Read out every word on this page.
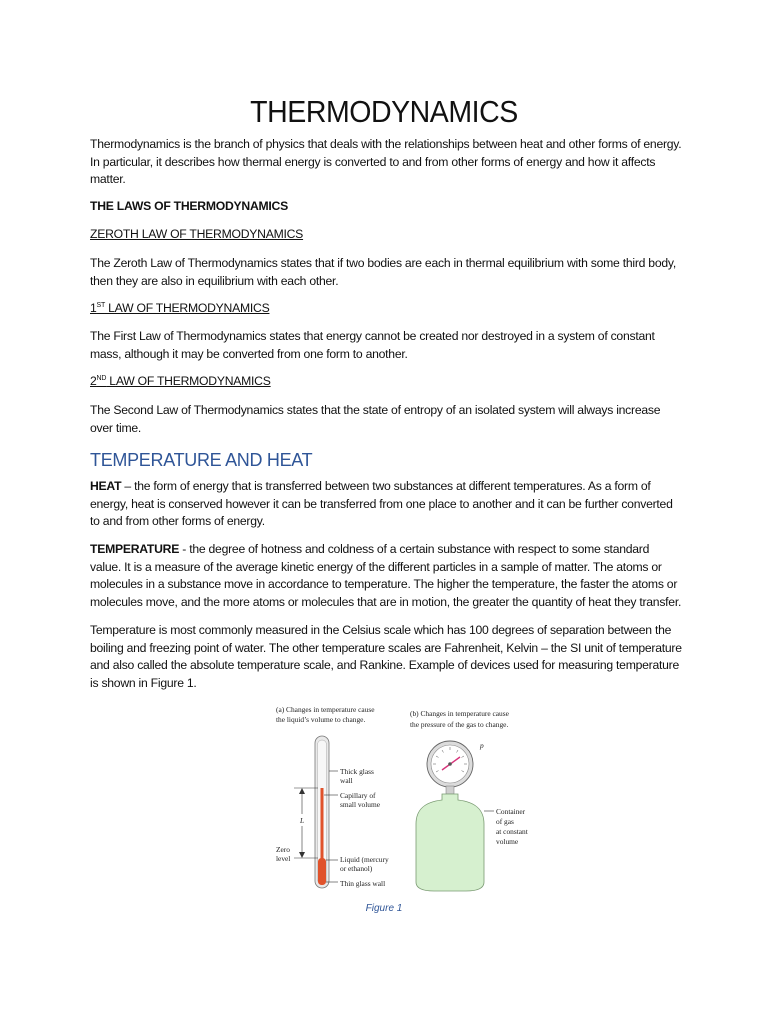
THERMODYNAMICS

Thermodynamics is the branch of physics that deals with the relationships between heat and other forms of energy. In particular, it describes how thermal energy is converted to and from other forms of energy and how it affects matter.

THE LAWS OF THERMODYNAMICS

ZEROTH LAW OF THERMODYNAMICS

The Zeroth Law of Thermodynamics states that if two bodies are each in thermal equilibrium with some third body, then they are also in equilibrium with each other.

1ST LAW OF THERMODYNAMICS

The First Law of Thermodynamics states that energy cannot be created nor destroyed in a system of constant mass, although it may be converted from one form to another.

2ND LAW OF THERMODYNAMICS

The Second Law of Thermodynamics states that the state of entropy of an isolated system will always increase over time.

TEMPERATURE AND HEAT

HEAT – the form of energy that is transferred between two substances at different temperatures. As a form of energy, heat is conserved however it can be transferred from one place to another and it can be further converted to and from other forms of energy.

TEMPERATURE - the degree of hotness and coldness of a certain substance with respect to some standard value. It is a measure of the average kinetic energy of the different particles in a sample of matter. The atoms or molecules in a substance move in accordance to temperature. The higher the temperature, the faster the atoms or molecules move, and the more atoms or molecules that are in motion, the greater the quantity of heat they transfer.

Temperature is most commonly measured in the Celsius scale which has 100 degrees of separation between the boiling and freezing point of water. The other temperature scales are Fahrenheit, Kelvin – the SI unit of temperature and also called the absolute temperature scale, and Rankine. Example of devices used for measuring temperature is shown in Figure 1.

(a) Changes in temperature cause
the liquid’s volume to change.
Thick glass
wall
Capillary of
small volume
Liquid (mercury
or ethanol)
Thin glass wall
L
Zero
level
(b) Changes in temperature cause
the pressure of the gas to change.
p
Container
of gas
at constant
volume
Figure 1
